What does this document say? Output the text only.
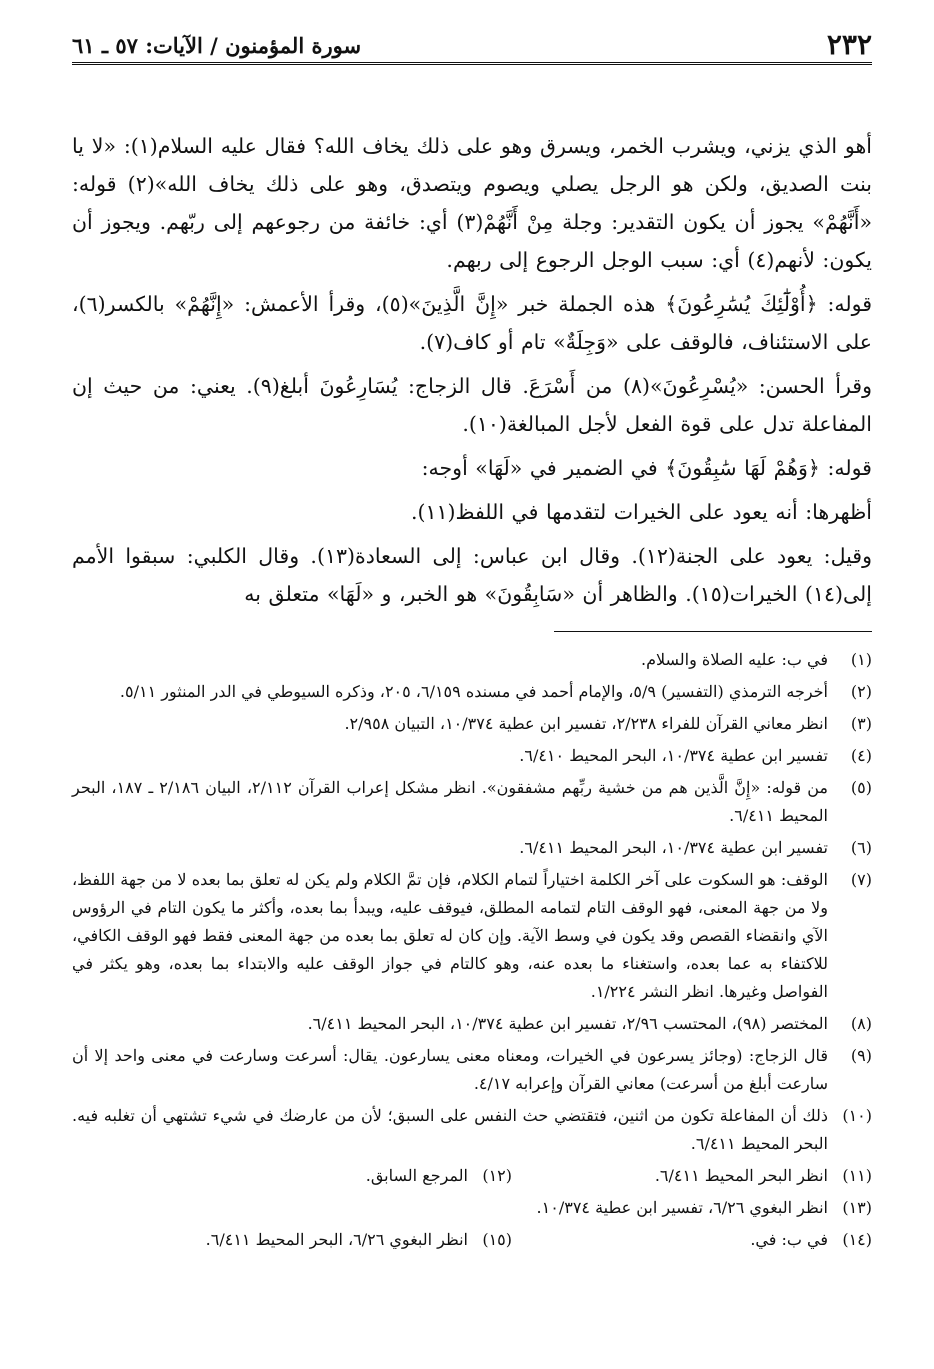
٢٣٢
سورة المؤمنون / الآيات: ٥٧ ـ ٦١

أهو الذي يزني، ويشرب الخمر، ويسرق وهو على ذلك يخاف الله؟ فقال عليه السلام(١): «لا يا بنت الصديق، ولكن هو الرجل يصلي ويصوم ويتصدق، وهو على ذلك يخاف الله»(٢) قوله: «أَنَّهُمْ» يجوز أن يكون التقدير: وجلة مِنْ أَنَّهُمْ(٣) أي: خائفة من رجوعهم إلى ربّهم. ويجوز أن يكون: لأنهم(٤) أي: سبب الوجل الرجوع إلى ربهم.

قوله: ﴿أُوْلَٰٓئِكَ يُسَٰرِعُونَ﴾ هذه الجملة خبر «إِنَّ الَّذِينَ»(٥)، وقرأ الأعمش: «إِنَّهُمْ» بالكسر(٦)، على الاستئناف، فالوقف على «وَجِلَةٌ» تام أو كاف(٧).

وقرأ الحسن: «يُسْرِعُونَ»(٨) من أَسْرَعَ. قال الزجاج: يُسَارِعُونَ أبلغ(٩). يعني: من حيث إن المفاعلة تدل على قوة الفعل لأجل المبالغة(١٠).

قوله: ﴿وَهُمْ لَهَا سَٰبِقُونَ﴾ في الضمير في «لَهَا» أوجه:

أظهرها: أنه يعود على الخيرات لتقدمها في اللفظ(١١).

وقيل: يعود على الجنة(١٢). وقال ابن عباس: إلى السعادة(١٣). وقال الكلبي: سبقوا الأمم إلى(١٤) الخيرات(١٥). والظاهر أن «سَابِقُونَ» هو الخبر، و «لَهَا» متعلق به

(١)
في ب: عليه الصلاة والسلام.
(٢)
أخرجه الترمذي (التفسير) ٥/٩، والإمام أحمد في مسنده ٦/١٥٩، ٢٠٥، وذكره السيوطي في الدر المنثور ٥/١١.
(٣)
انظر معاني القرآن للفراء ٢/٢٣٨، تفسير ابن عطية ١٠/٣٧٤، التبيان ٢/٩٥٨.
(٤)
تفسير ابن عطية ١٠/٣٧٤، البحر المحيط ٦/٤١٠.
(٥)
من قوله: «إِنَّ الَّذين هم من خشية ربِّهم مشفقون». انظر مشكل إعراب القرآن ٢/١١٢، البيان ٢/١٨٦ ـ ١٨٧، البحر المحيط ٦/٤١١.
(٦)
تفسير ابن عطية ١٠/٣٧٤، البحر المحيط ٦/٤١١.
(٧)
الوقف: هو السكوت على آخر الكلمة اختياراً لتمام الكلام، فإن تمَّ الكلام ولم يكن له تعلق بما بعده لا من جهة اللفظ، ولا من جهة المعنى، فهو الوقف التام لتمامه المطلق، فيوقف عليه، ويبدأ بما بعده، وأكثر ما يكون التام في الرؤوس الآي وانقضاء القصص وقد يكون في وسط الآية. وإن كان له تعلق بما بعده من جهة المعنى فقط فهو الوقف الكافي، للاكتفاء به عما بعده، واستغناء ما بعده عنه، وهو كالتام في جواز الوقف عليه والابتداء بما بعده، وهو يكثر في الفواصل وغيرها. انظر النشر ١/٢٢٤.
(٨)
المختصر (٩٨)، المحتسب ٢/٩٦، تفسير ابن عطية ١٠/٣٧٤، البحر المحيط ٦/٤١١.
(٩)
قال الزجاج: (وجائز يسرعون في الخيرات، ومعناه معنى يسارعون. يقال: أسرعت وسارعت في معنى واحد إلا أن سارعت أبلغ من أسرعت) معاني القرآن وإعرابه ٤/١٧.
(١٠)
ذلك أن المفاعلة تكون من اثنين، فتقتضي حث النفس على السبق؛ لأن من عارضك في شيء تشتهي أن تغلبه فيه. البحر المحيط ٦/٤١١.
(١١)
انظر البحر المحيط ٦/٤١١.
(١٢)
المرجع السابق.
(١٣)
انظر البغوي ٦/٢٦، تفسير ابن عطية ١٠/٣٧٤.
(١٤)
في ب: في.
(١٥)
انظر البغوي ٦/٢٦، البحر المحيط ٦/٤١١.
